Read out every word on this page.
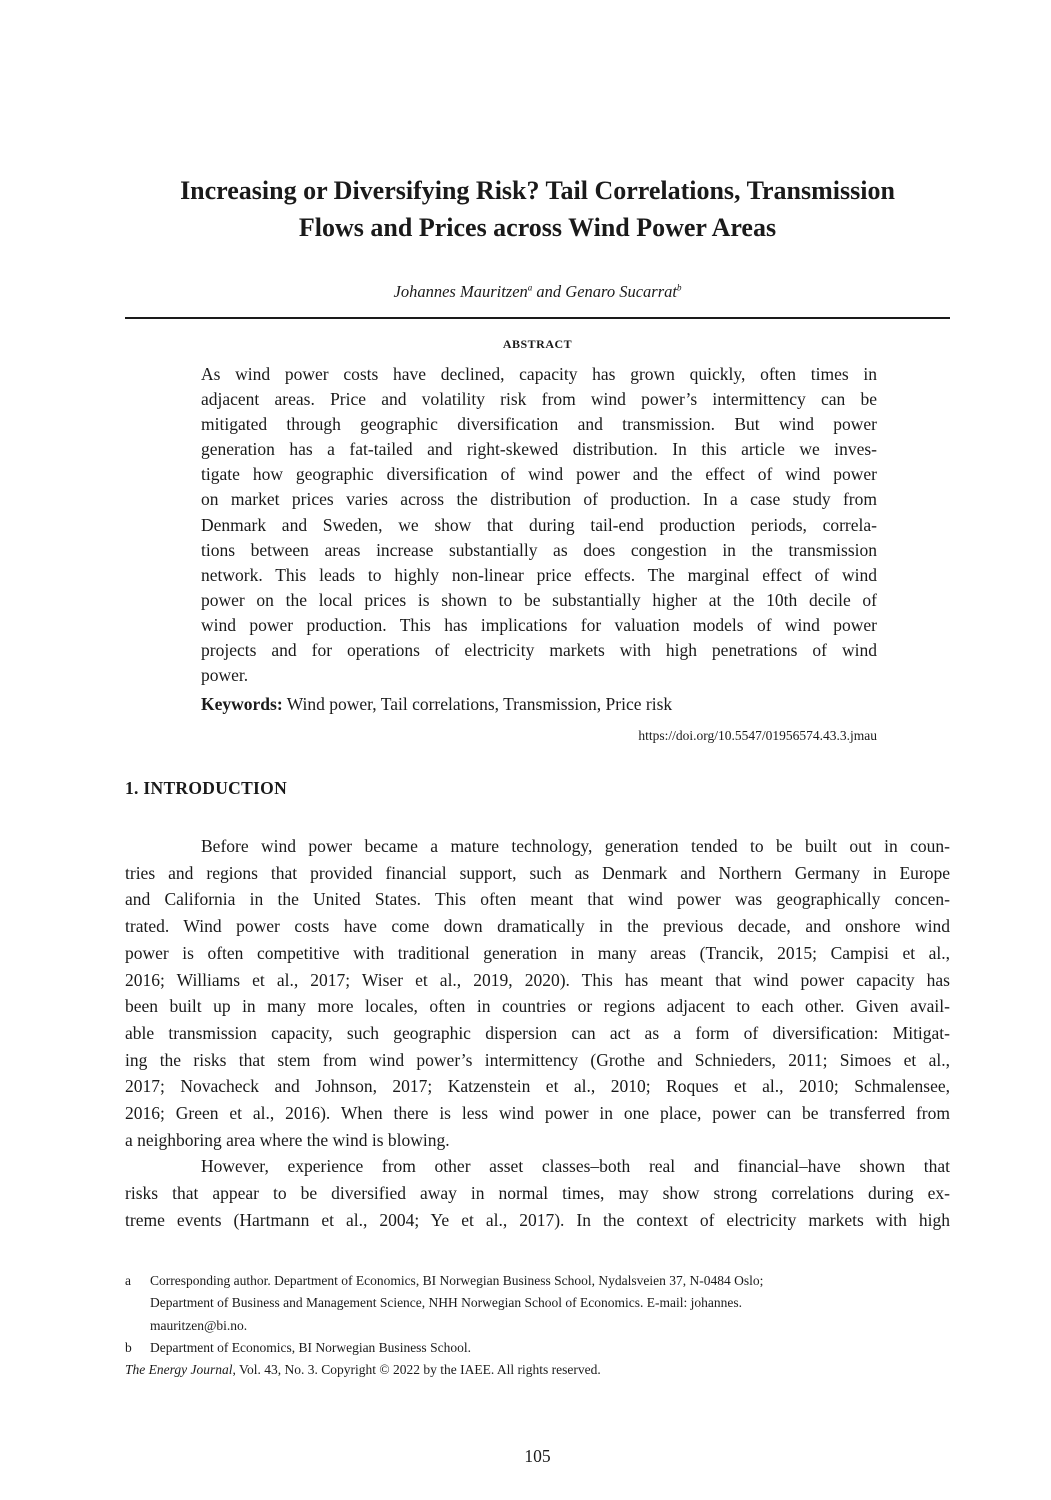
Increasing or Diversifying Risk? Tail Correlations, Transmission
Flows and Prices across Wind Power Areas
Johannes Mauritzen$^a$ and Genaro Sucarrat$^b$
ABSTRACT
As wind power costs have declined, capacity has grown quickly, often times in
adjacent areas. Price and volatility risk from wind power’s intermittency can be
mitigated through geographic diversification and transmission. But wind power
generation has a fat-tailed and right-skewed distribution. In this article we inves-
tigate how geographic diversification of wind power and the effect of wind power
on market prices varies across the distribution of production. In a case study from
Denmark and Sweden, we show that during tail-end production periods, correla-
tions between areas increase substantially as does congestion in the transmission
network. This leads to highly non-linear price effects. The marginal effect of wind
power on the local prices is shown to be substantially higher at the 10th decile of
wind power production. This has implications for valuation models of wind power
projects and for operations of electricity markets with high penetrations of wind
power.
Keywords: Wind power, Tail correlations, Transmission, Price risk
https://doi.org/10.5547/01956574.43.3.jmau
1. INTRODUCTION
Before wind power became a mature technology, generation tended to be built out in coun-
tries and regions that provided financial support, such as Denmark and Northern Germany in Europe
and California in the United States. This often meant that wind power was geographically concen-
trated. Wind power costs have come down dramatically in the previous decade, and onshore wind
power is often competitive with traditional generation in many areas (Trancik, 2015; Campisi et al.,
2016; Williams et al., 2017; Wiser et al., 2019, 2020). This has meant that wind power capacity has
been built up in many more locales, often in countries or regions adjacent to each other. Given avail-
able transmission capacity, such geographic dispersion can act as a form of diversification: Mitigat-
ing the risks that stem from wind power’s intermittency (Grothe and Schnieders, 2011; Simoes et al.,
2017; Novacheck and Johnson, 2017; Katzenstein et al., 2010; Roques et al., 2010; Schmalensee,
2016; Green et al., 2016). When there is less wind power in one place, power can be transferred from
a neighboring area where the wind is blowing.
However, experience from other asset classes–both real and financial–have shown that
risks that appear to be diversified away in normal times, may show strong correlations during ex-
treme events (Hartmann et al., 2004; Ye et al., 2017). In the context of electricity markets with high
a	Corresponding author. Department of Economics, BI Norwegian Business School, Nydalsveien 37, N-0484 Oslo;
Department of Business and Management Science, NHH Norwegian School of Economics. E-mail: johannes.
mauritzen@bi.no.
b	Department of Economics, BI Norwegian Business School.
The Energy Journal, Vol. 43, No. 3. Copyright © 2022 by the IAEE. All rights reserved.
105
